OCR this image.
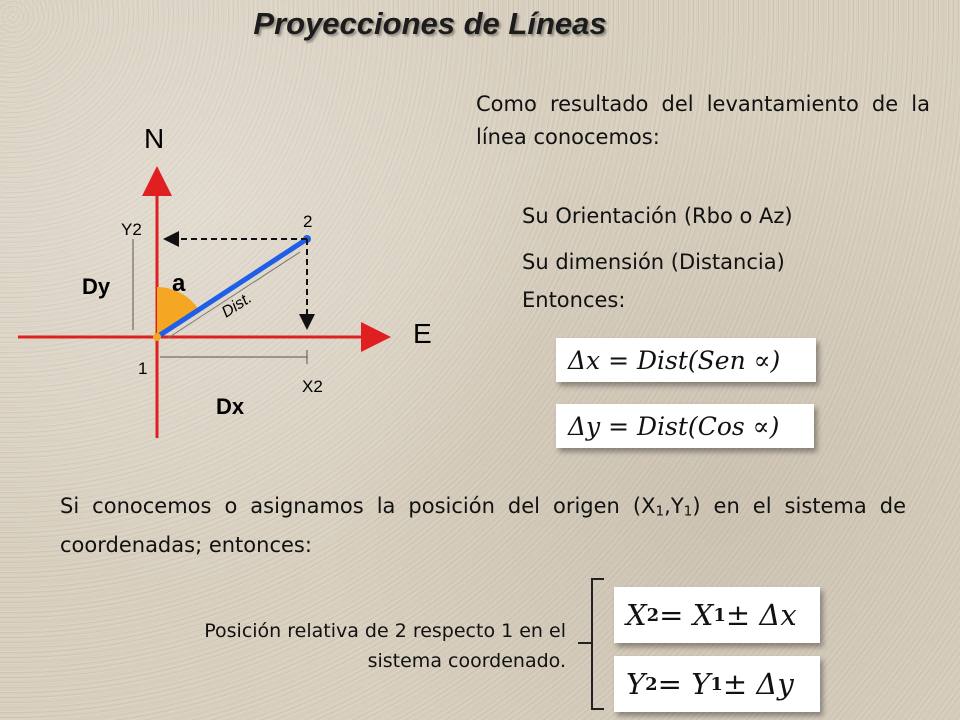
Proyecciones de Líneas
N
E
2
1
Y2
X2
Dy
Dx
a
Dist.
Como resultado del levantamiento de la línea conocemos:
Su Orientación (Rbo o Az)
Su dimensión (Distancia)
Entonces:
Δx = Dist(Sen ∝)
Δy = Dist(Cos ∝)
Si conocemos o asignamos la posición del origen (X1,Y1) en el sistema de coordenadas; entonces:
Posición relativa de 2 respecto 1 en el sistema coordenado.
X 2 = X 1 ± Δx
Y 2 = Y 1 ± Δy
